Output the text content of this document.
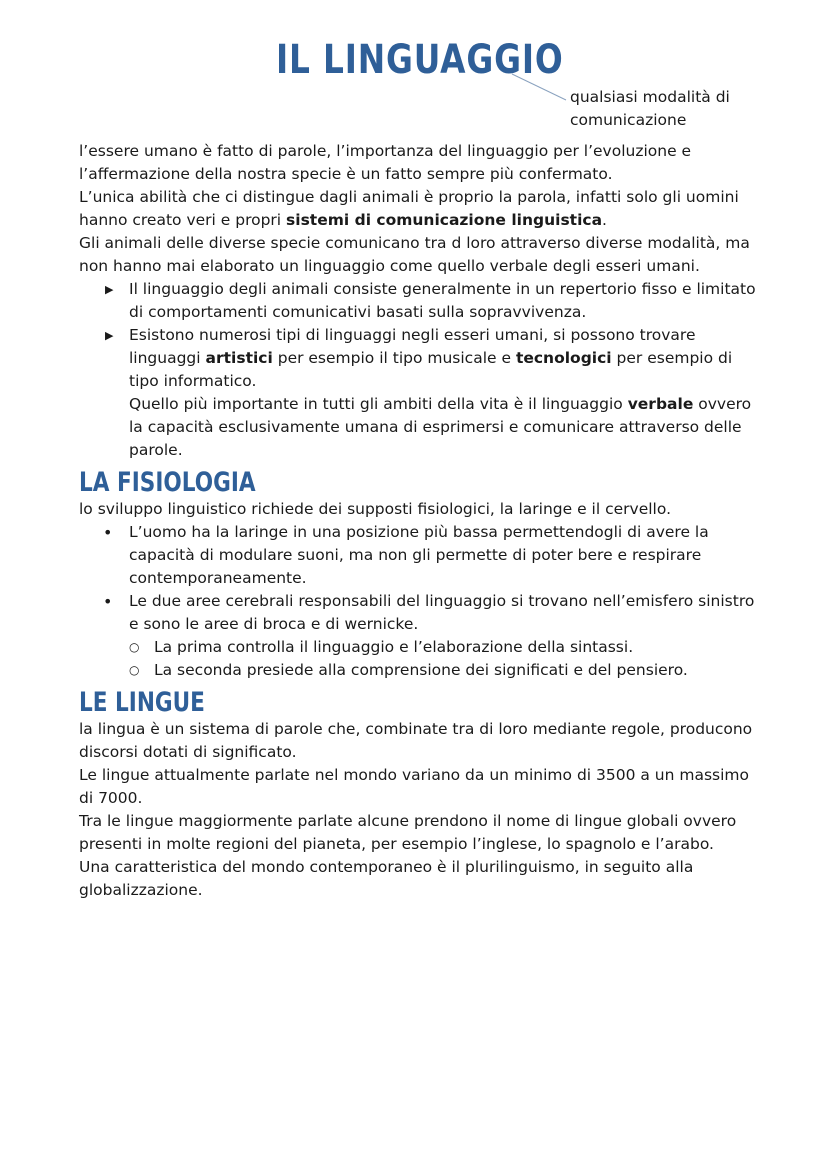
IL LINGUAGGIO
qualsiasi modalità di comunicazione

l’essere umano è fatto di parole, l’importanza del linguaggio per l’evoluzione e l’affermazione della nostra specie è un fatto sempre più confermato.

L’unica abilità che ci distingue dagli animali è proprio la parola, infatti solo gli uomini hanno creato veri e propri sistemi di comunicazione linguistica.

Gli animali delle diverse specie comunicano tra d loro attraverso diverse modalità, ma non hanno mai elaborato un linguaggio come quello verbale degli esseri umani.

▶ Il linguaggio degli animali consiste generalmente in un repertorio fisso e limitato di comportamenti comunicativi basati sulla sopravvivenza.
▶ Esistono numerosi tipi di linguaggi negli esseri umani, si possono trovare linguaggi artistici per esempio il tipo musicale e tecnologici per esempio di tipo informatico.

Quello più importante in tutti gli ambiti della vita è il linguaggio verbale ovvero la capacità esclusivamente umana di esprimersi e comunicare attraverso delle parole.

LA FISIOLOGIA

lo sviluppo linguistico richiede dei supposti fisiologici, la laringe e il cervello.

• L’uomo ha la laringe in una posizione più bassa permettendogli di avere la capacità di modulare suoni, ma non gli permette di poter bere e respirare contemporaneamente.
• Le due aree cerebrali responsabili del linguaggio si trovano nell’emisfero sinistro e sono le aree di broca e di wernicke.
○ La prima controlla il linguaggio e l’elaborazione della sintassi.
○ La seconda presiede alla comprensione dei significati e del pensiero.
LE LINGUE

la lingua è un sistema di parole che, combinate tra di loro mediante regole, producono discorsi dotati di significato.

Le lingue attualmente parlate nel mondo variano da un minimo di 3500 a un massimo di 7000.

Tra le lingue maggiormente parlate alcune prendono il nome di lingue globali ovvero presenti in molte regioni del pianeta, per esempio l’inglese, lo spagnolo e l’arabo.

Una caratteristica del mondo contemporaneo è il plurilinguismo, in seguito alla globalizzazione.
